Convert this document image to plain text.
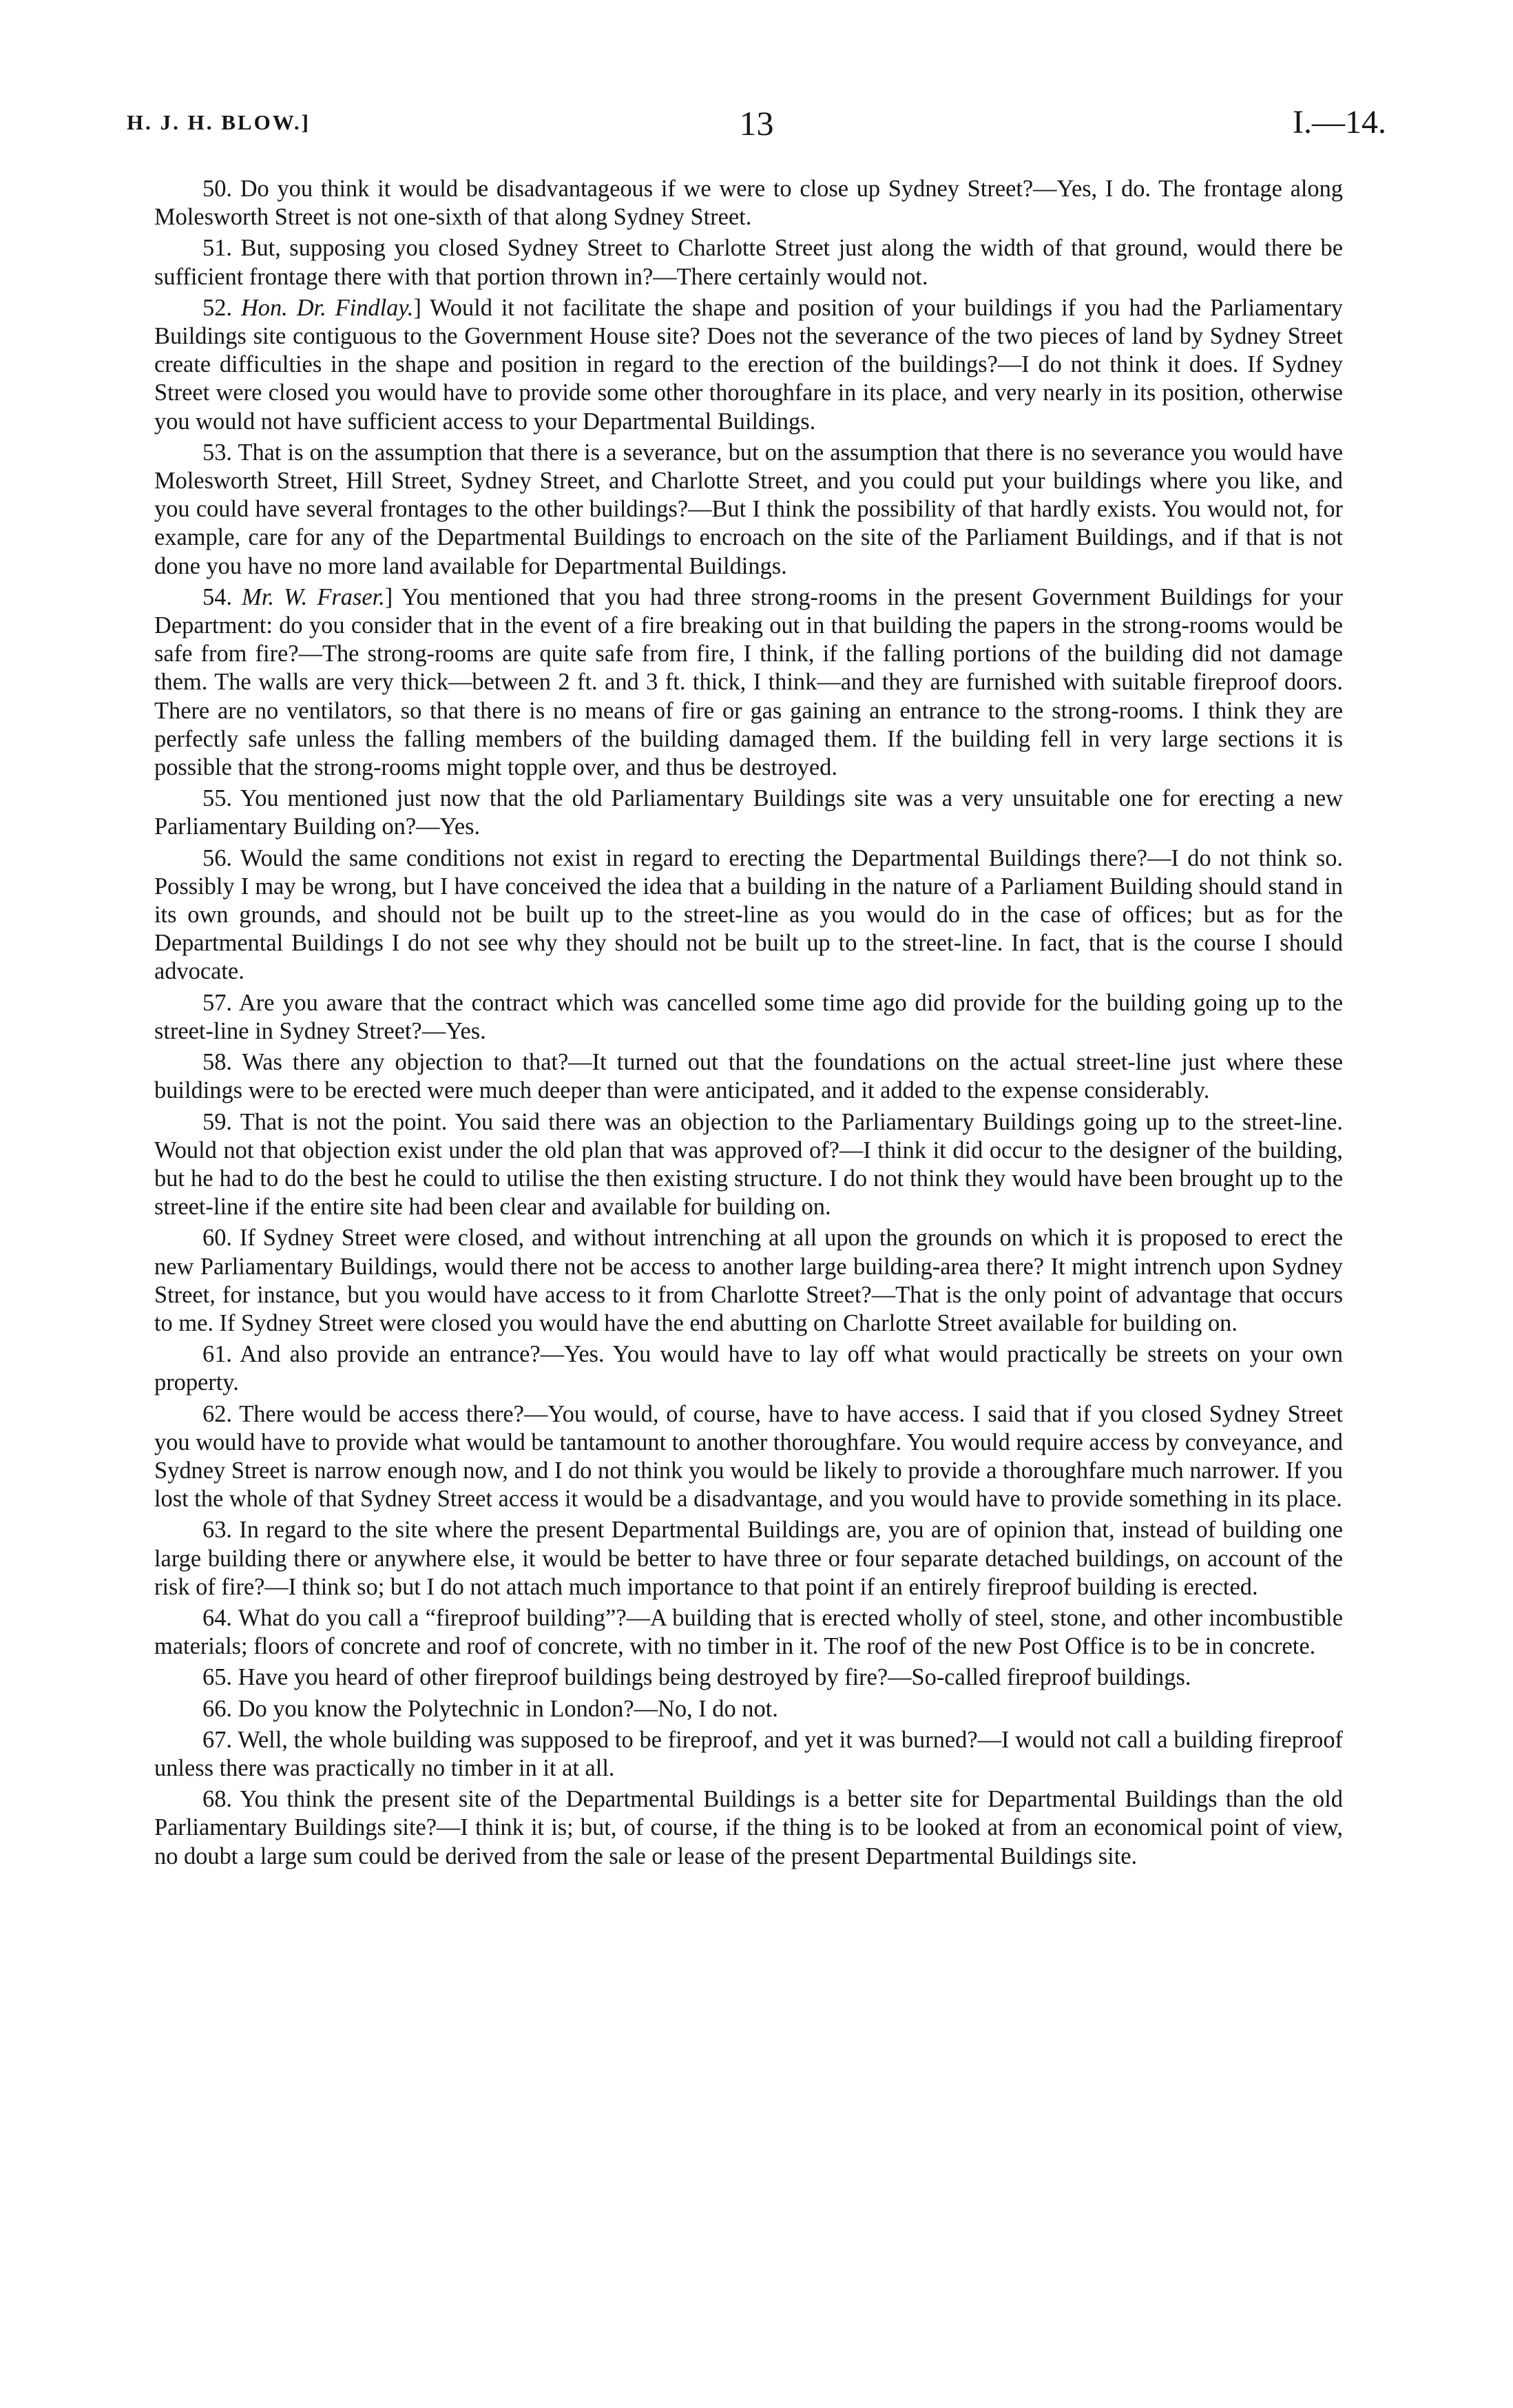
H. J. H. BLOW.]	13	I.—14.

50. Do you think it would be disadvantageous if we were to close up Sydney Street?—Yes, I do. The frontage along Molesworth Street is not one-sixth of that along Sydney Street.

51. But, supposing you closed Sydney Street to Charlotte Street just along the width of that ground, would there be sufficient frontage there with that portion thrown in?—There certainly would not.

52. Hon. Dr. Findlay.] Would it not facilitate the shape and position of your buildings if you had the Parliamentary Buildings site contiguous to the Government House site? Does not the severance of the two pieces of land by Sydney Street create difficulties in the shape and position in regard to the erection of the buildings?—I do not think it does. If Sydney Street were closed you would have to provide some other thoroughfare in its place, and very nearly in its position, otherwise you would not have sufficient access to your Departmental Buildings.

53. That is on the assumption that there is a severance, but on the assumption that there is no severance you would have Molesworth Street, Hill Street, Sydney Street, and Charlotte Street, and you could put your buildings where you like, and you could have several frontages to the other buildings?—But I think the possibility of that hardly exists. You would not, for example, care for any of the Departmental Buildings to encroach on the site of the Parliament Buildings, and if that is not done you have no more land available for Departmental Buildings.

54. Mr. W. Fraser.] You mentioned that you had three strong-rooms in the present Government Buildings for your Department: do you consider that in the event of a fire breaking out in that building the papers in the strong-rooms would be safe from fire?—The strong-rooms are quite safe from fire, I think, if the falling portions of the building did not damage them. The walls are very thick—between 2 ft. and 3 ft. thick, I think—and they are furnished with suitable fireproof doors. There are no ventilators, so that there is no means of fire or gas gaining an entrance to the strong-rooms. I think they are perfectly safe unless the falling members of the building damaged them. If the building fell in very large sections it is possible that the strong-rooms might topple over, and thus be destroyed.

55. You mentioned just now that the old Parliamentary Buildings site was a very unsuitable one for erecting a new Parliamentary Building on?—Yes.

56. Would the same conditions not exist in regard to erecting the Departmental Buildings there?—I do not think so. Possibly I may be wrong, but I have conceived the idea that a building in the nature of a Parliament Building should stand in its own grounds, and should not be built up to the street-line as you would do in the case of offices; but as for the Departmental Buildings I do not see why they should not be built up to the street-line. In fact, that is the course I should advocate.

57. Are you aware that the contract which was cancelled some time ago did provide for the building going up to the street-line in Sydney Street?—Yes.

58. Was there any objection to that?—It turned out that the foundations on the actual street-line just where these buildings were to be erected were much deeper than were anticipated, and it added to the expense considerably.

59. That is not the point. You said there was an objection to the Parliamentary Buildings going up to the street-line. Would not that objection exist under the old plan that was approved of?—I think it did occur to the designer of the building, but he had to do the best he could to utilise the then existing structure. I do not think they would have been brought up to the street-line if the entire site had been clear and available for building on.

60. If Sydney Street were closed, and without intrenching at all upon the grounds on which it is proposed to erect the new Parliamentary Buildings, would there not be access to another large building-area there? It might intrench upon Sydney Street, for instance, but you would have access to it from Charlotte Street?—That is the only point of advantage that occurs to me. If Sydney Street were closed you would have the end abutting on Charlotte Street available for building on.

61. And also provide an entrance?—Yes. You would have to lay off what would practically be streets on your own property.

62. There would be access there?—You would, of course, have to have access. I said that if you closed Sydney Street you would have to provide what would be tantamount to another thoroughfare. You would require access by conveyance, and Sydney Street is narrow enough now, and I do not think you would be likely to provide a thoroughfare much narrower. If you lost the whole of that Sydney Street access it would be a disadvantage, and you would have to provide something in its place.

63. In regard to the site where the present Departmental Buildings are, you are of opinion that, instead of building one large building there or anywhere else, it would be better to have three or four separate detached buildings, on account of the risk of fire?—I think so; but I do not attach much importance to that point if an entirely fireproof building is erected.

64. What do you call a “fireproof building”?—A building that is erected wholly of steel, stone, and other incombustible materials; floors of concrete and roof of concrete, with no timber in it. The roof of the new Post Office is to be in concrete.

65. Have you heard of other fireproof buildings being destroyed by fire?—So-called fireproof buildings.

66. Do you know the Polytechnic in London?—No, I do not.

67. Well, the whole building was supposed to be fireproof, and yet it was burned?—I would not call a building fireproof unless there was practically no timber in it at all.

68. You think the present site of the Departmental Buildings is a better site for Departmental Buildings than the old Parliamentary Buildings site?—I think it is; but, of course, if the thing is to be looked at from an economical point of view, no doubt a large sum could be derived from the sale or lease of the present Departmental Buildings site.
